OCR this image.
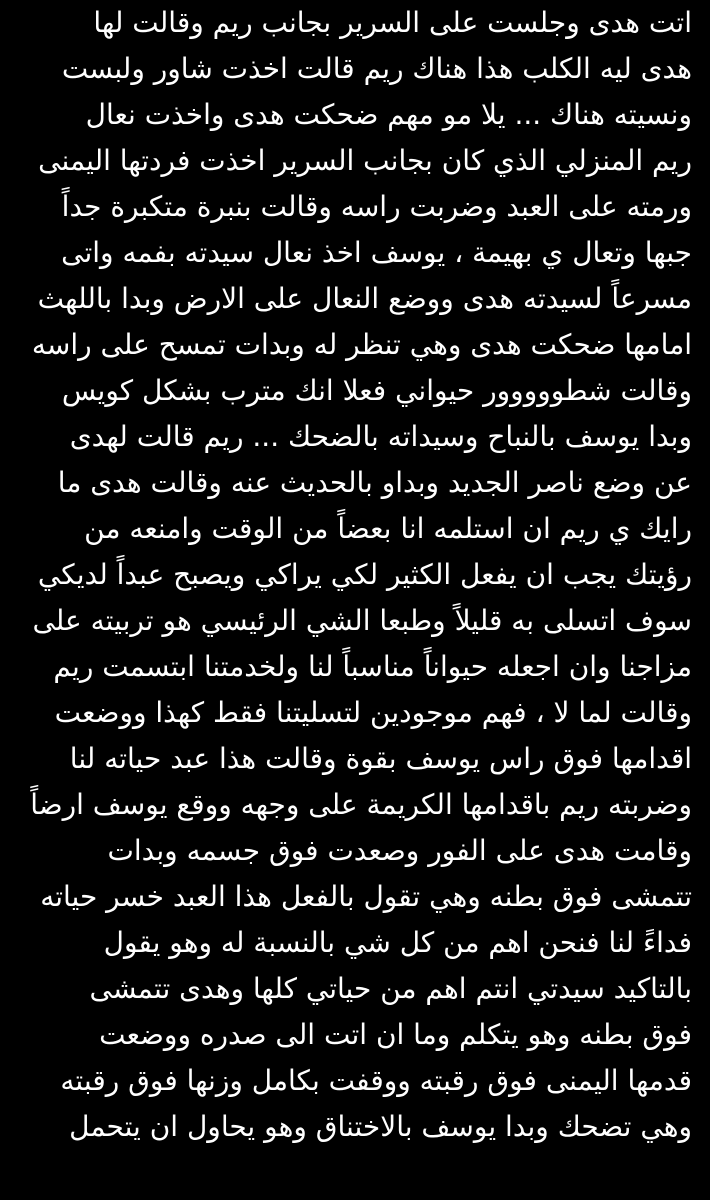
اتت هدى وجلست على السرير بجانب ريم وقالت لها
هدى ليه الكلب هذا هناك ريم قالت اخذت شاور ولبست
ونسيته هناك ... يلا مو مهم ضحكت هدى واخذت نعال
ريم المنزلي الذي كان بجانب السرير اخذت فردتها اليمنى
ورمته على العبد وضربت راسه وقالت بنبرة متكبرة جداً
جبها وتعال ي بهيمة ، يوسف اخذ نعال سيدته بفمه واتى
مسرعاً لسيدته هدى ووضع النعال على الارض وبدا باللهث
امامها ضحكت هدى وهي تنظر له وبدات تمسح على راسه
وقالت شطووووور حيواني فعلا انك مترب بشكل كويس
وبدا يوسف بالنباح وسيداته بالضحك ... ريم قالت لهدى
عن وضع ناصر الجديد وبداو بالحديث عنه وقالت هدى ما
رايك ي ريم ان استلمه انا بعضاً من الوقت وامنعه من
رؤيتك يجب ان يفعل الكثير لكي يراكي ويصبح عبداً لديكي
سوف اتسلى به قليلاً وطبعا الشي الرئيسي هو تربيته على
مزاجنا وان اجعله حيواناً مناسباً لنا ولخدمتنا ابتسمت ريم
وقالت لما لا ، فهم موجودين لتسليتنا فقط كهذا ووضعت
اقدامها فوق راس يوسف بقوة وقالت هذا عبد حياته لنا
وضربته ريم باقدامها الكريمة على وجهه ووقع يوسف ارضاً
وقامت هدى على الفور وصعدت فوق جسمه وبدات
تتمشى فوق بطنه وهي تقول بالفعل هذا العبد خسر حياته
فداءً لنا فنحن اهم من كل شي بالنسبة له وهو يقول
بالتاكيد سيدتي انتم اهم من حياتي كلها وهدى تتمشى
فوق بطنه وهو يتكلم وما ان اتت الى صدره ووضعت
قدمها اليمنى فوق رقبته ووقفت بكامل وزنها فوق رقبته
وهي تضحك وبدا يوسف بالاختناق وهو يحاول ان يتحمل
